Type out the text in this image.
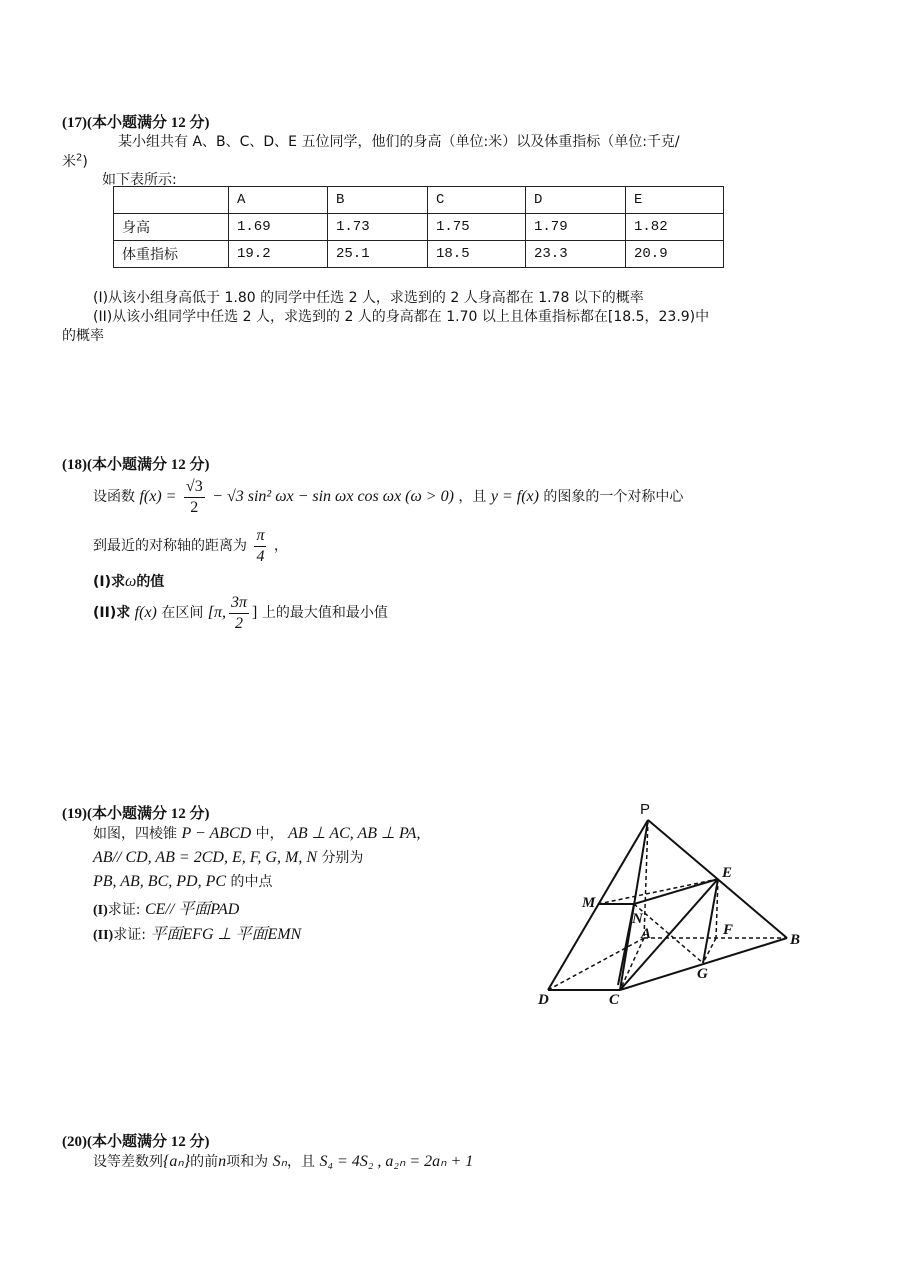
(17)(本小题满分 12 分)
某小组共有 A、B、C、D、E 五位同学，他们的身高（单位:米）以及体重指标（单位:千克/
米$^2$)
如下表所示:
	A	B	C	D	E
身高	1.69	1.73	1.75	1.79	1.82
体重指标	19.2	25.1	18.5	23.3	20.9
(I)从该小组身高低于 1.80 的同学中任选 2 人，求选到的 2 人身高都在 1.78 以下的概率
(II)从该小组同学中任选 2 人，求选到的 2 人的身高都在 1.70 以上且体重指标都在[18.5，23.9)中
的概率
(18)(本小题满分 12 分)
设函数 $f(x) = \frac{√3}{2} - √3$ sin² ωx − sin ωx cos ωx (ω > 0) ，且 y = f(x) 的图象的一个对称中心
到最近的对称轴的距离为 $\frac{\pi}{4}$ ，
(I)求ω的值
(II)求 f(x) 在区间 [π, $\frac{3\pi}{2}$ ] 上的最大值和最小值
(19)(本小题满分 12 分)
如图，四棱锥 P − ABCD 中， AB ⊥ AC, AB ⊥ PA,
AB// CD, AB = 2CD, E, F, G, M, N 分别为
PB, AB, BC, PD, PC 的中点
(I)求证: CE// 平面PAD
(II)求证: 平面EFG ⊥ 平面EMN
P
E
M
N
A	F
B
G
D	C
(20)(本小题满分 12 分)
设等差数列{aₙ}的前n项和为 Sₙ，且 S₄ = 4S₂ , a₂ₙ = 2aₙ + 1
